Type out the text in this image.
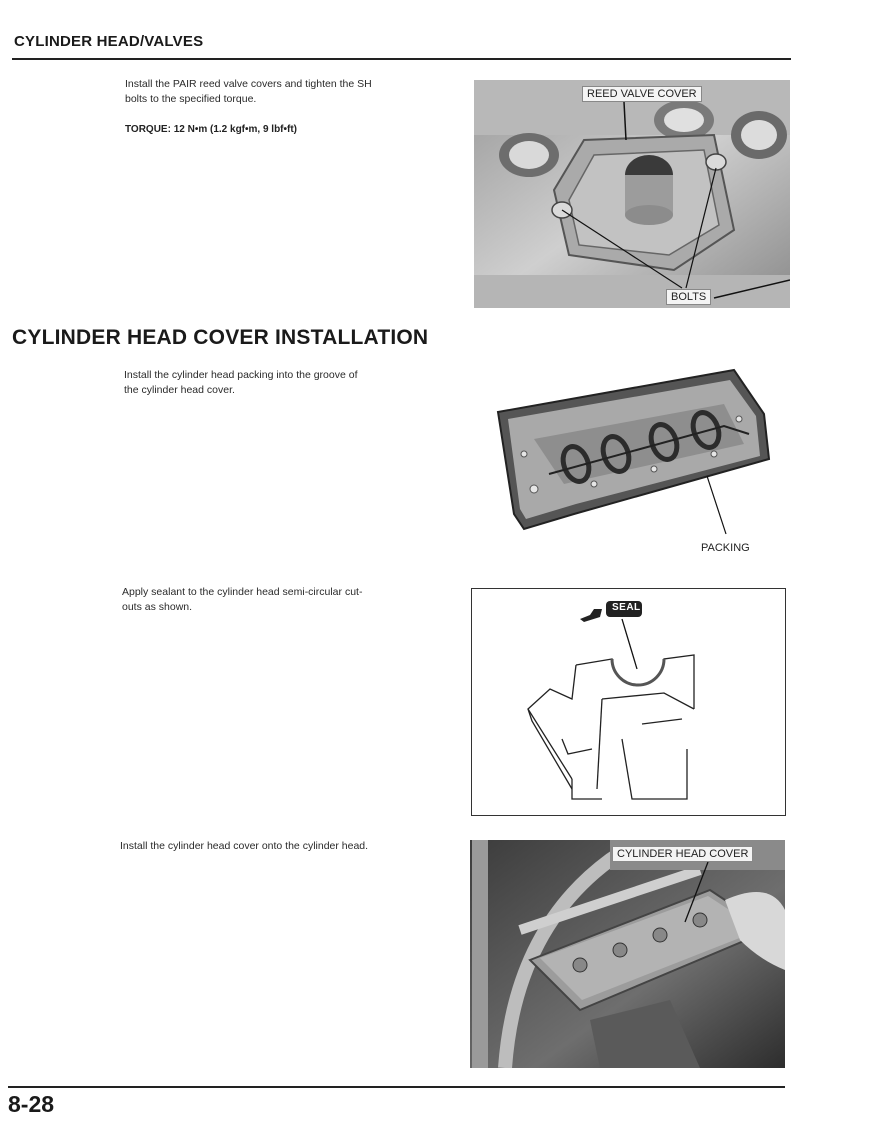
CYLINDER HEAD/VALVES
Install the PAIR reed valve covers and tighten the SH
bolts to the specified torque.
TORQUE: 12 N•m (1.2 kgf•m, 9 lbf•ft)
REED VALVE COVER
BOLTS
CYLINDER HEAD COVER INSTALLATION
Install the cylinder head packing into the groove of
the cylinder head cover.
PACKING
Apply sealant to the cylinder head semi-circular cut-
outs as shown.	SEAL
Install the cylinder head cover onto the cylinder head.
CYLINDER HEAD COVER
8-28
